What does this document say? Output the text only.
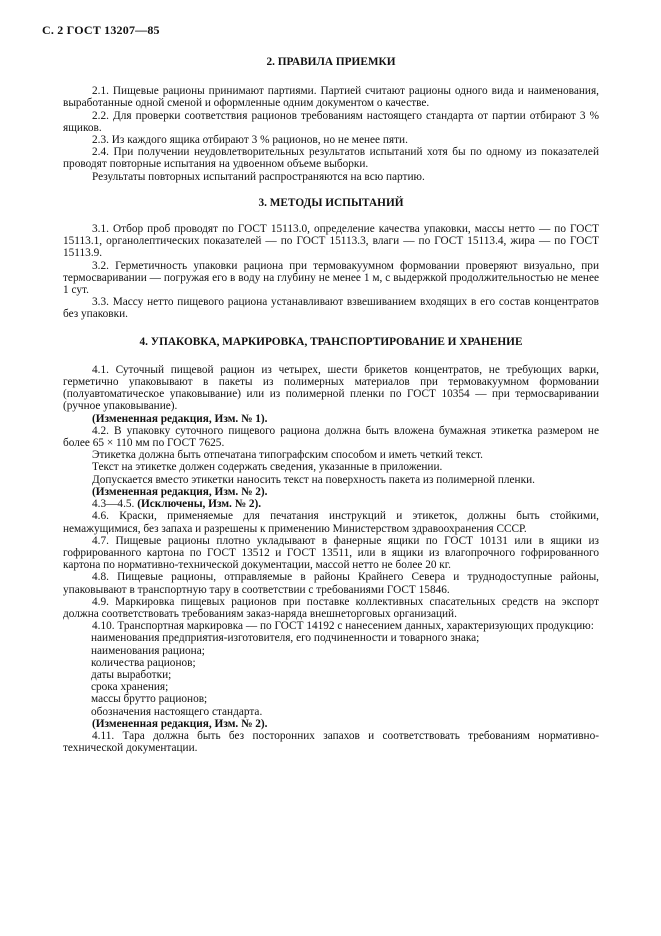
С. 2 ГОСТ 13207—85
2. ПРАВИЛА ПРИЕМКИ

2.1. Пищевые рационы принимают партиями. Партией считают рационы одного вида и наименования, выработанные одной сменой и оформленные одним документом о качестве.

2.2. Для проверки соответствия рационов требованиям настоящего стандарта от партии отбирают 3 % ящиков.

2.3. Из каждого ящика отбирают 3 % рационов, но не менее пяти.

2.4. При получении неудовлетворительных результатов испытаний хотя бы по одному из показателей проводят повторные испытания на удвоенном объеме выборки.

Результаты повторных испытаний распространяются на всю партию.

3. МЕТОДЫ ИСПЫТАНИЙ

3.1. Отбор проб проводят по ГОСТ 15113.0, определение качества упаковки, массы нетто — по ГОСТ 15113.1, органолептических показателей — по ГОСТ 15113.3, влаги — по ГОСТ 15113.4, жира — по ГОСТ 15113.9.

3.2. Герметичность упаковки рациона при термовакуумном формовании проверяют визуально, при термосваривании — погружая его в воду на глубину не менее 1 м, с выдержкой продолжительностью не менее 1 сут.

3.3. Массу нетто пищевого рациона устанавливают взвешиванием входящих в его состав концентратов без упаковки.

4. УПАКОВКА, МАРКИРОВКА, ТРАНСПОРТИРОВАНИЕ И ХРАНЕНИЕ

4.1. Суточный пищевой рацион из четырех, шести брикетов концентратов, не требующих варки, герметично упаковывают в пакеты из полимерных материалов при термовакуумном формовании (полуавтоматическое упаковывание) или из полимерной пленки по ГОСТ 10354 — при термосваривании (ручное упаковывание).

(Измененная редакция, Изм. № 1).

4.2. В упаковку суточного пищевого рациона должна быть вложена бумажная этикетка размером не более 65 × 110 мм по ГОСТ 7625.

Этикетка должна быть отпечатана типографским способом и иметь четкий текст.

Текст на этикетке должен содержать сведения, указанные в приложении.

Допускается вместо этикетки наносить текст на поверхность пакета из полимерной пленки.

(Измененная редакция, Изм. № 2).

4.3—4.5. (Исключены, Изм. № 2).

4.6. Краски, применяемые для печатания инструкций и этикеток, должны быть стойкими, немажущимися, без запаха и разрешены к применению Министерством здравоохранения СССР.

4.7. Пищевые рационы плотно укладывают в фанерные ящики по ГОСТ 10131 или в ящики из гофрированного картона по ГОСТ 13512 и ГОСТ 13511, или в ящики из влагопрочного гофрированного картона по нормативно-технической документации, массой нетто не более 20 кг.

4.8. Пищевые рационы, отправляемые в районы Крайнего Севера и труднодоступные районы, упаковывают в транспортную тару в соответствии с требованиями ГОСТ 15846.

4.9. Маркировка пищевых рационов при поставке коллективных спасательных средств на экспорт должна соответствовать требованиям заказ-наряда внешнеторговых организаций.

4.10. Транспортная маркировка — по ГОСТ 14192 с нанесением данных, характеризующих продукцию:

наименования предприятия-изготовителя, его подчиненности и товарного знака;

наименования рациона;

количества рационов;

даты выработки;

срока хранения;

массы брутто рационов;

обозначения настоящего стандарта.

(Измененная редакция, Изм. № 2).

4.11. Тара должна быть без посторонних запахов и соответствовать требованиям нормативно-технической документации.
